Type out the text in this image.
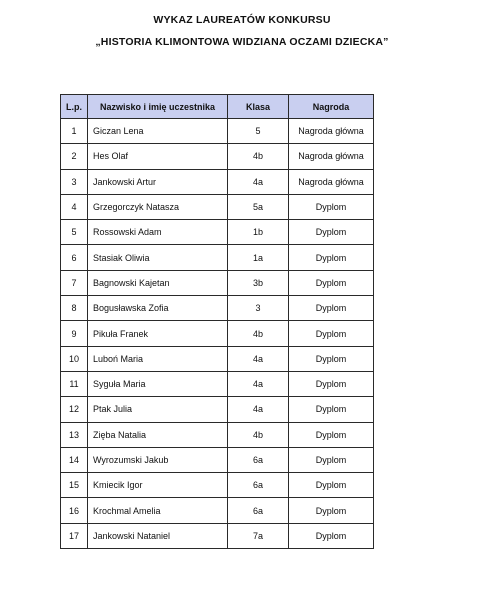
WYKAZ LAUREATÓW KONKURSU
„HISTORIA KLIMONTOWA WIDZIANA OCZAMI DZIECKA”
L.p.	Nazwisko i imię uczestnika	Klasa	Nagroda
1	Giczan Lena	5	Nagroda główna
2	Hes Olaf	4b	Nagroda główna
3	Jankowski Artur	4a	Nagroda główna
4	Grzegorczyk Natasza	5a	Dyplom
5	Rossowski Adam	1b	Dyplom
6	Stasiak Oliwia	1a	Dyplom
7	Bagnowski Kajetan	3b	Dyplom
8	Bogusławska Zofia	3	Dyplom
9	Pikuła Franek	4b	Dyplom
10	Luboń Maria	4a	Dyplom
11	Syguła Maria	4a	Dyplom
12	Ptak Julia	4a	Dyplom
13	Zięba Natalia	4b	Dyplom
14	Wyrozumski Jakub	6a	Dyplom
15	Kmiecik Igor	6a	Dyplom
16	Krochmal Amelia	6a	Dyplom
17	Jankowski Nataniel	7a	Dyplom
